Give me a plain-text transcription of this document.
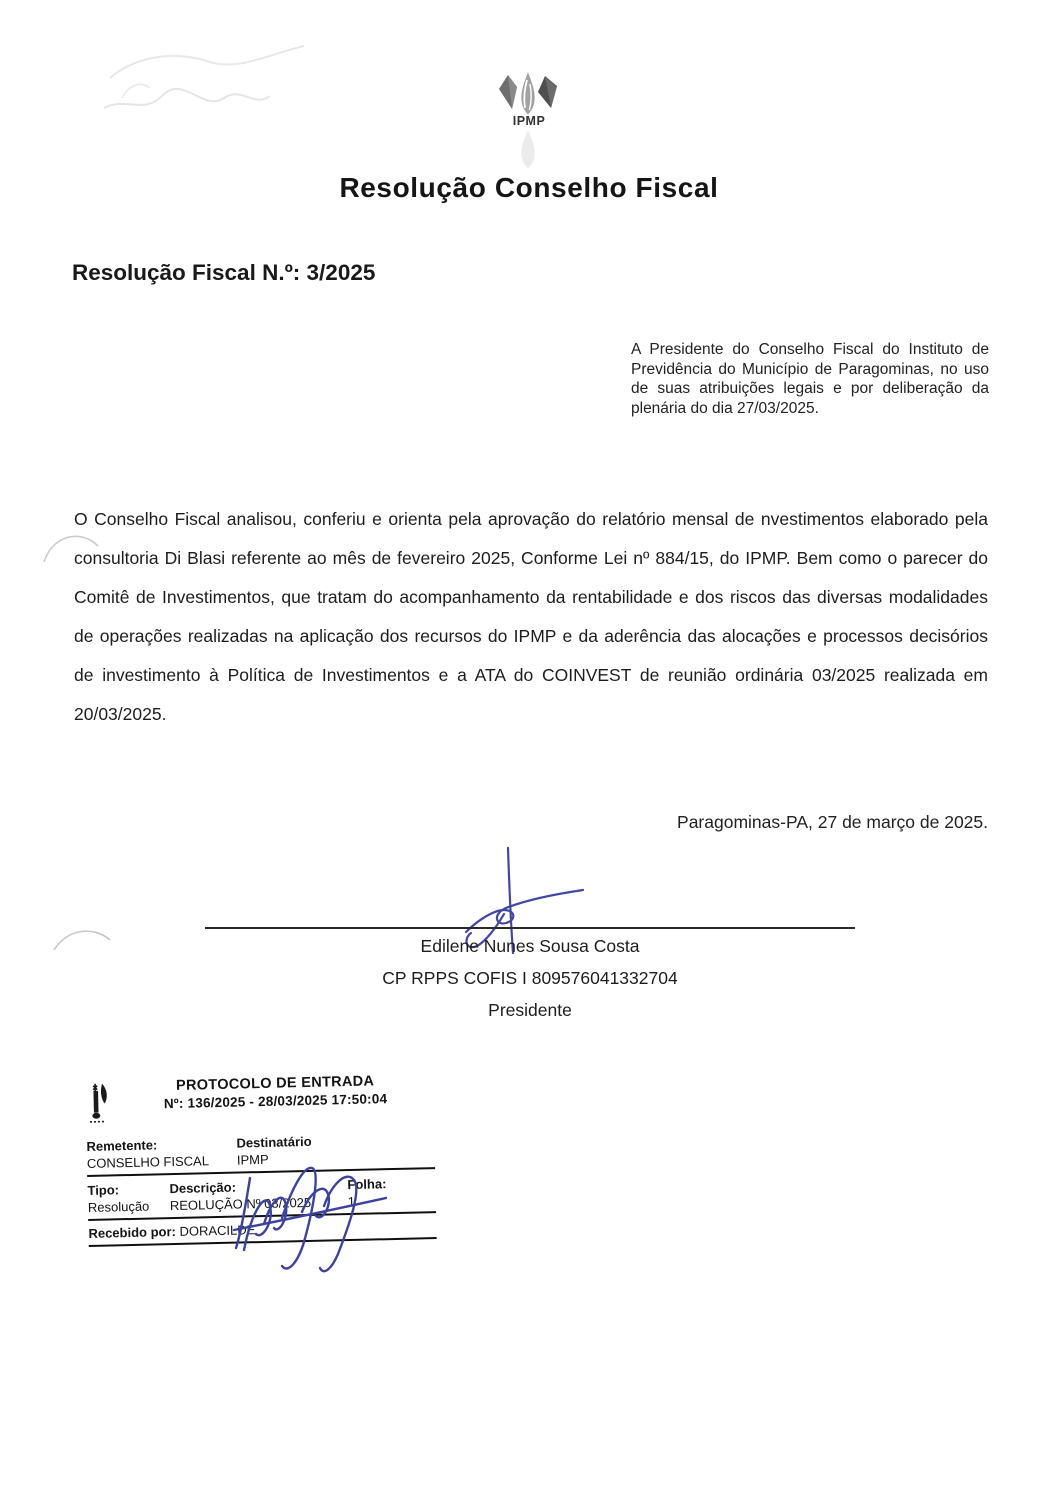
IPMP
Resolução Conselho Fiscal
Resolução Fiscal N.º: 3/2025
A Presidente do Conselho Fiscal do Instituto de Previdência do Município de Paragominas, no uso de suas atribuições legais e por deliberação da plenária do dia 27/03/2025.
O Conselho Fiscal analisou, conferiu e orienta pela aprovação do relatório mensal de nvestimentos elaborado pela consultoria Di Blasi referente ao mês de fevereiro 2025, Conforme Lei nº 884/15, do IPMP. Bem como o parecer do Comitê de Investimentos, que tratam do acompanhamento da rentabilidade e dos riscos das diversas modalidades de operações realizadas na aplicação dos recursos do IPMP e da aderência das alocações e processos decisórios de investimento à Política de Investimentos e a ATA do COINVEST de reunião ordinária 03/2025 realizada em 20/03/2025.
Paragominas-PA, 27 de março de 2025.
Edilene Nunes Sousa Costa
CP RPPS COFIS I 809576041332704
Presidente
PROTOCOLO DE ENTRADA
Nº: 136/2025 - 28/03/2025 17:50:04
Remetente:
CONSELHO FISCAL
Destinatário
IPMP
Tipo:
Resolução
Descrição:
REOLUÇÃO Nº 03/2025
Folha:
1
Recebido por: DORACILDE
